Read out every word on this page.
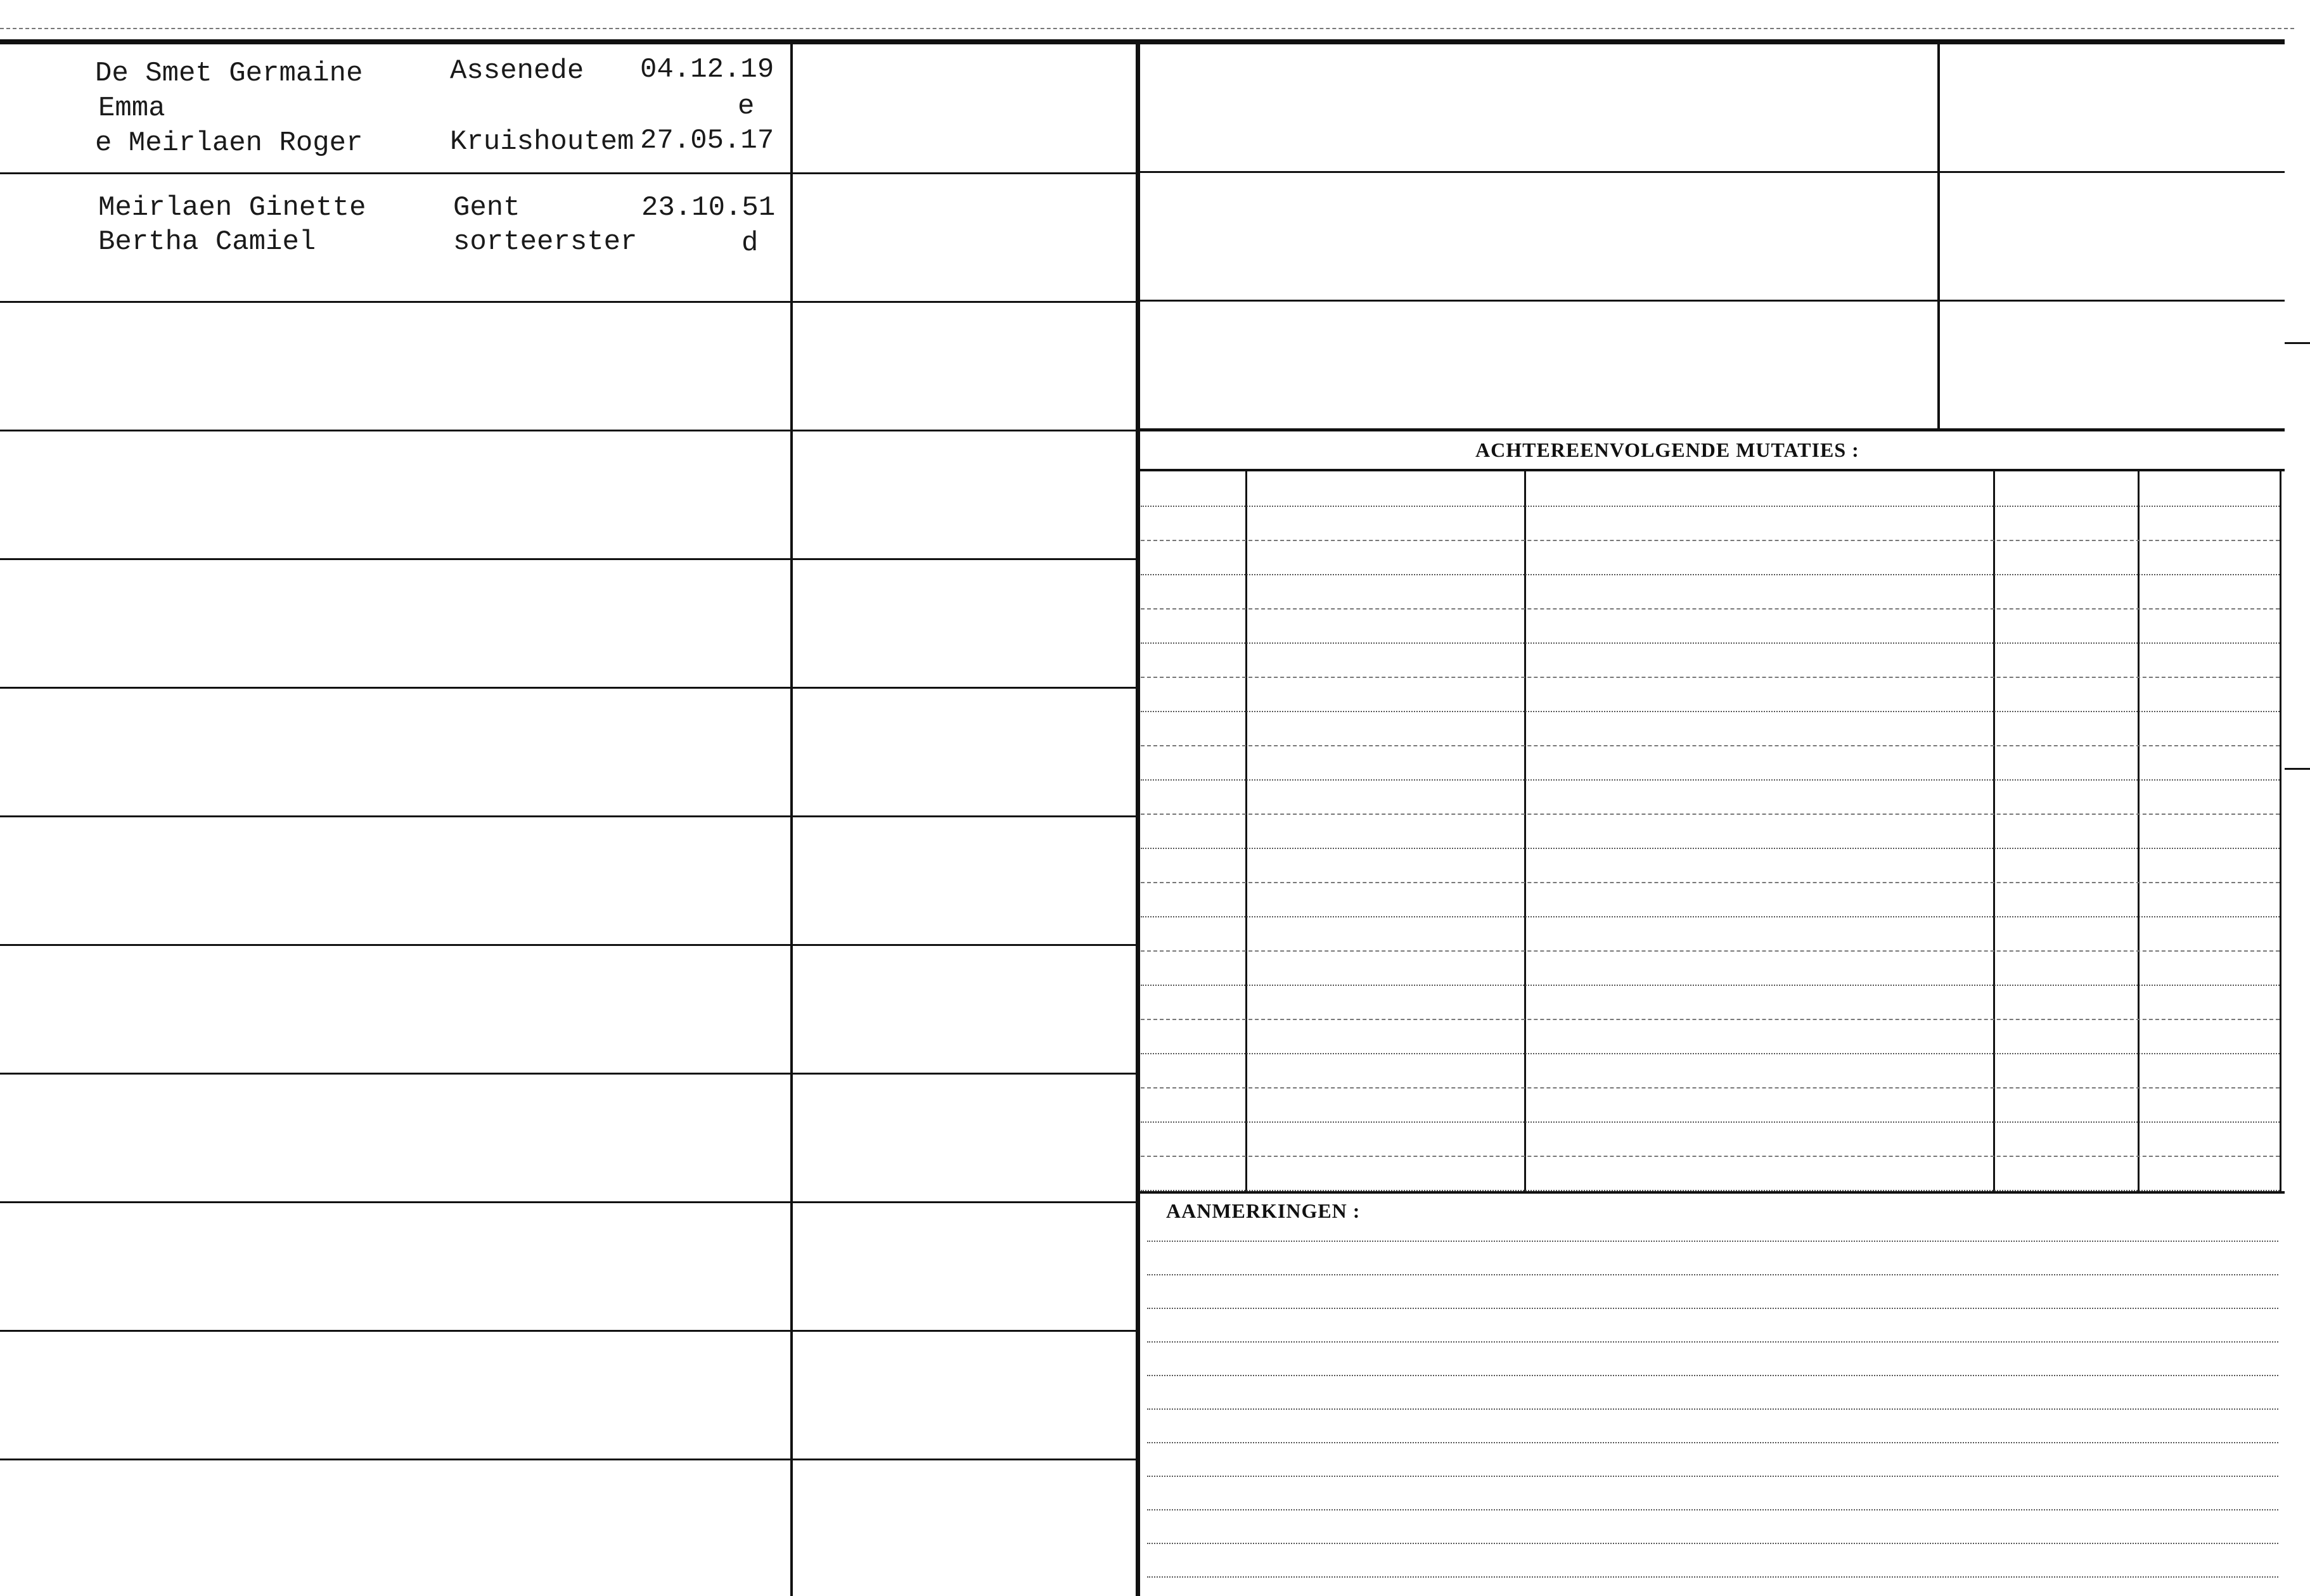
De Smet Germaine
Emma
e Meirlaen Roger
Assenede
Kruishoutem
04.12.19
e
27.05.17
Meirlaen Ginette
Bertha Camiel
Gent
sorteerster
23.10.51
d
ACHTEREENVOLGENDE MUTATIES :
AANMERKINGEN :
